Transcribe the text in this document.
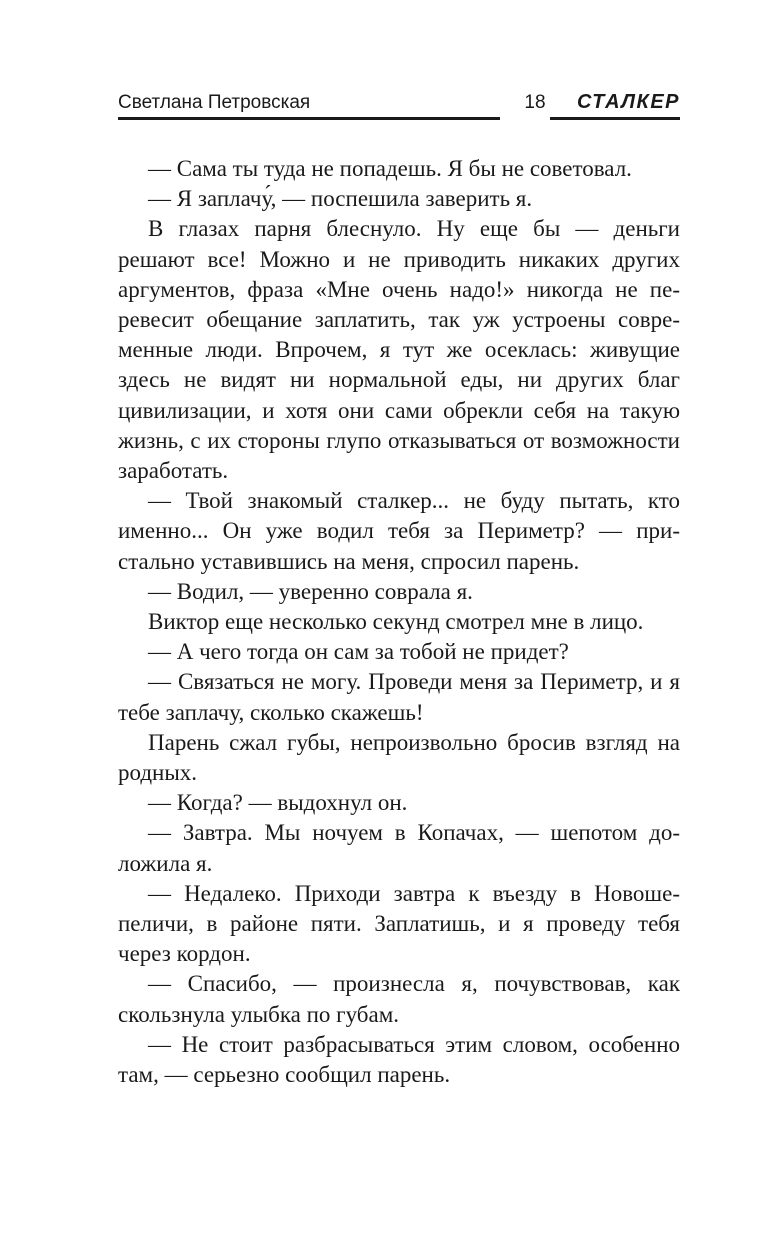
Светлана Петровская	18	СТАЛКЕР

— Сама ты туда не попадешь. Я бы не советовал.

— Я заплачу́, — поспешила заверить я.

В глазах парня блеснуло. Ну еще бы — деньги решают все! Можно и не приводить никаких других аргументов, фраза «Мне очень надо!» никогда не перевесит обещание заплатить, так уж устроены современные люди. Впрочем, я тут же осеклась: живущие здесь не видят ни нормальной еды, ни других благ цивилизации, и хотя они сами обрекли себя на такую жизнь, с их стороны глупо отказываться от возможности заработать.

— Твой знакомый сталкер... не буду пытать, кто именно... Он уже водил тебя за Периметр? — пристально уставившись на меня, спросил парень.

— Водил, — уверенно соврала я.

Виктор еще несколько секунд смотрел мне в лицо.

— А чего тогда он сам за тобой не придет?

— Связаться не могу. Проведи меня за Периметр, и я тебе заплачу, сколько скажешь!

Парень сжал губы, непроизвольно бросив взгляд на родных.

— Когда? — выдохнул он.

— Завтра. Мы ночуем в Копачах, — шепотом доложила я.

— Недалеко. Приходи завтра к въезду в Новошепеличи, в районе пяти. Заплатишь, и я проведу тебя через кордон.

— Спасибо, — произнесла я, почувствовав, как скользнула улыбка по губам.

— Не стоит разбрасываться этим словом, особенно там, — серьезно сообщил парень.
